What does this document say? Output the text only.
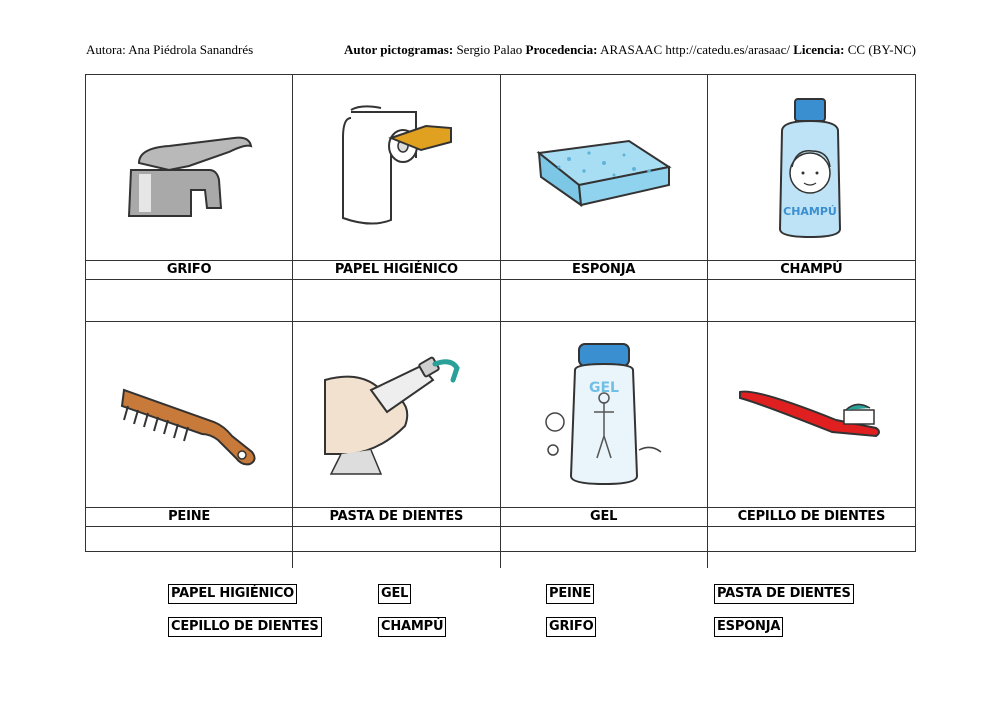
Autora: Ana Piédrola Sanandrés	Autor pictogramas: Sergio Palao Procedencia: ARASAAC http://catedu.es/arasaac/ Licencia: CC (BY-NC)
CHAMPÚ
GRIFO	PAPEL HIGIÉNICO	ESPONJA	CHAMPÚ
GEL
PEINE	PASTA DE DIENTES	GEL	CEPILLO DE DIENTES
PAPEL HIGIÉNICO	GEL	PEINE	PASTA DE DIENTES
CEPILLO DE DIENTES	CHAMPÚ	GRIFO	ESPONJA
